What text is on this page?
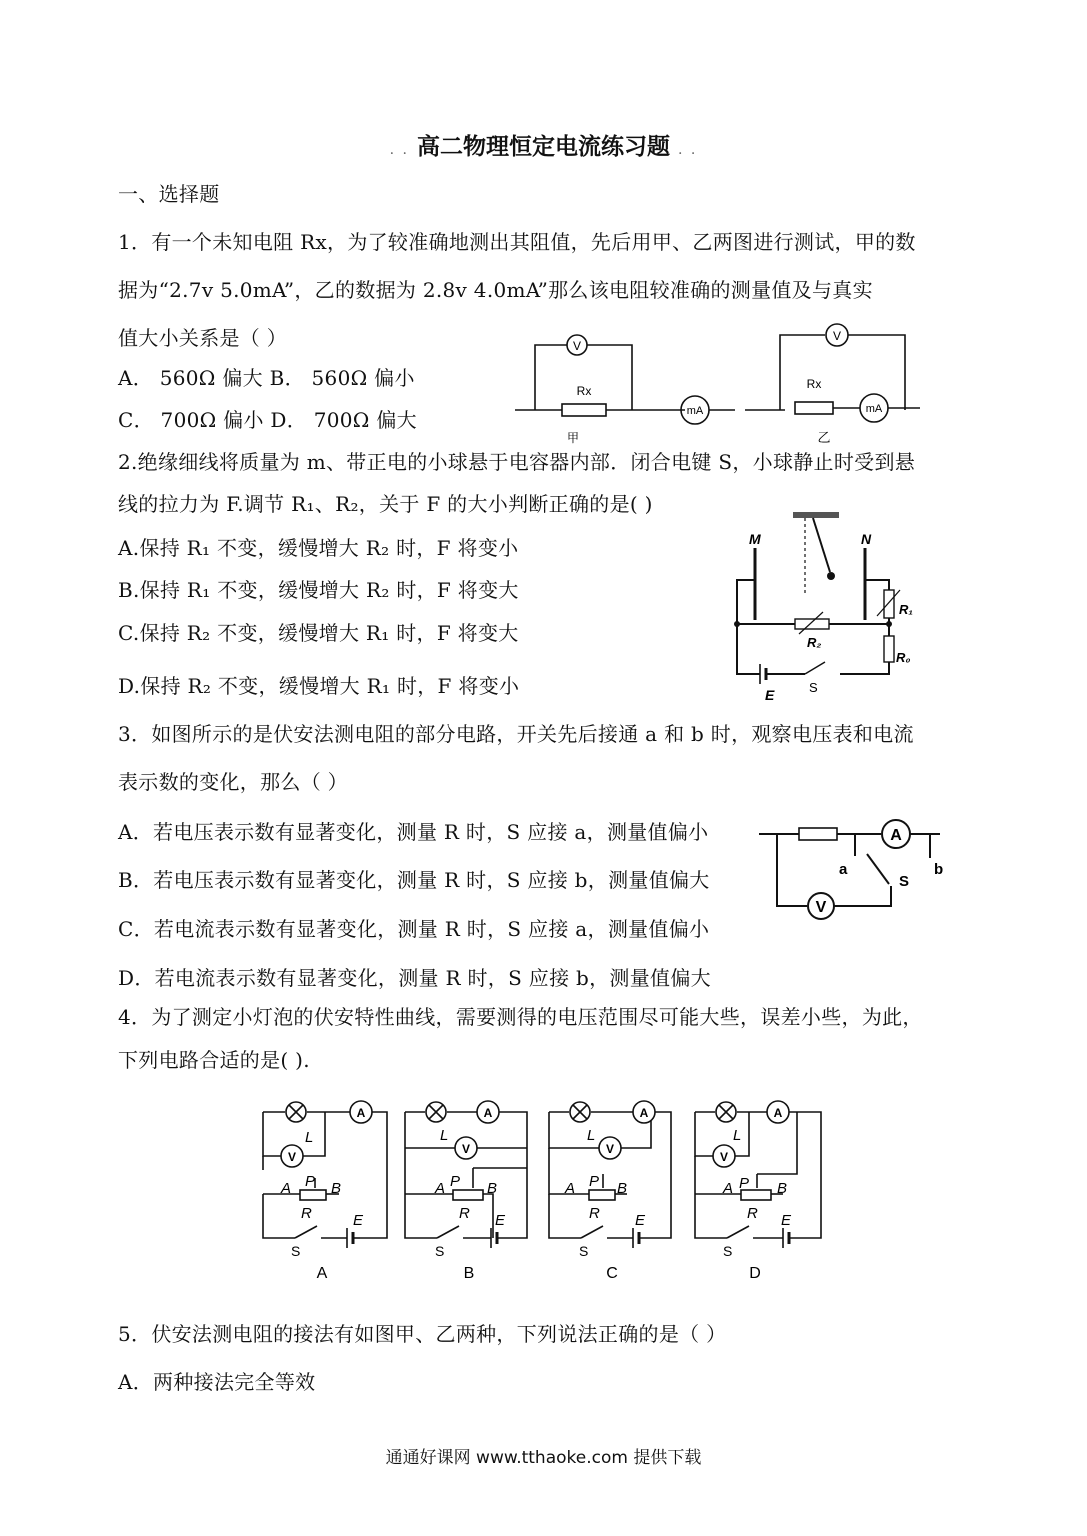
. . 高二物理恒定电流练习题 . .
一、选择题
1．有一个未知电阻 Rx，为了较准确地测出其阻值，先后用甲、乙两图进行测试，甲的数
据为“2.7v 5.0mA”，乙的数据为 2.8v 4.0mA”那么该电阻较准确的测量值及与真实
值大小关系是（ ）
A． 560Ω 偏大 B． 560Ω 偏小
C． 700Ω 偏小 D． 700Ω 偏大
V
Rx
mA
甲
V
Rx
mA
乙
2.绝缘细线将质量为 m、带正电的小球悬于电容器内部．闭合电键 S，小球静止时受到悬
线的拉力为 F.调节 R₁、R₂，关于 F 的大小判断正确的是( )
A.保持 R₁ 不变，缓慢增大 R₂ 时，F 将变小
B.保持 R₁ 不变，缓慢增大 R₂ 时，F 将变大
C.保持 R₂ 不变，缓慢增大 R₁ 时，F 将变大
D.保持 R₂ 不变，缓慢增大 R₁ 时，F 将变小
M	N
R₁
R₂
R₀
E	S
3．如图所示的是伏安法测电阻的部分电路，开关先后接通 a 和 b 时，观察电压表和电流
表示数的变化，那么（ ）
A．若电压表示数有显著变化，测量 R 时，S 应接 a，测量值偏小
B．若电压表示数有显著变化，测量 R 时，S 应接 b，测量值偏大
C．若电流表示数有显著变化，测量 R 时，S 应接 a，测量值偏小
D．若电流表示数有显著变化，测量 R 时，S 应接 b，测量值偏大
A
V
a	b
S
4．为了测定小灯泡的伏安特性曲线，需要测得的电压范围尽可能大些，误差小些，为此，
下列电路合适的是( ).
A
V
L
A P B
R	E
S
A
A
V
L
A P B
R E
S
B
A
V
L
A P B
R E
S
C
A
V
L
A P B
R E
S
D
5．伏安法测电阻的接法有如图甲、乙两种，下列说法正确的是（ ）
A．两种接法完全等效
通通好课网 www.tthaoke.com 提供下载
